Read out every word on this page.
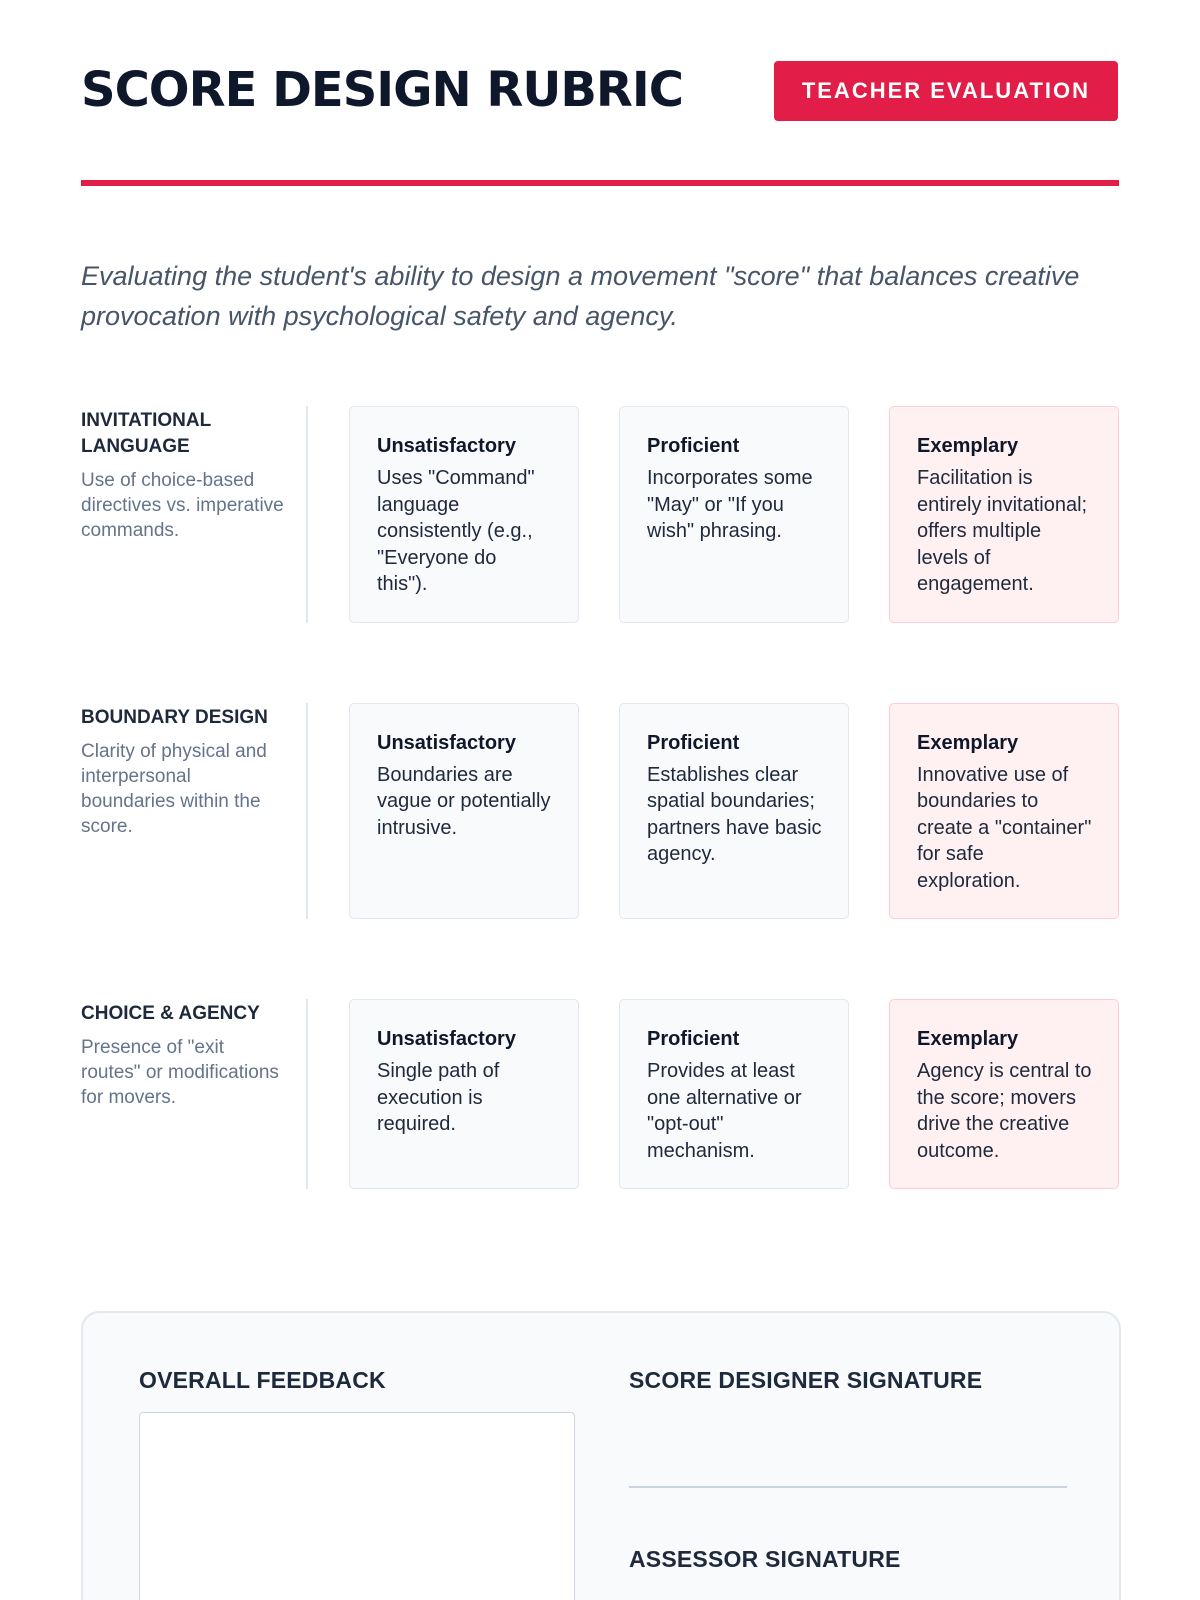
SCORE DESIGN RUBRIC	TEACHER EVALUATION

Evaluating the student's ability to design a movement "score" that balances creative provocation with psychological safety and agency.

INVITATIONAL LANGUAGE
Use of choice-based directives vs. imperative commands.
Unsatisfactory
Uses "Command" language consistently (e.g., "Everyone do this").
Proficient
Incorporates some "May" or "If you wish" phrasing.
Exemplary
Facilitation is entirely invitational; offers multiple levels of engagement.
BOUNDARY DESIGN
Clarity of physical and interpersonal boundaries within the score.
Unsatisfactory
Boundaries are vague or potentially intrusive.
Proficient
Establishes clear spatial boundaries; partners have basic agency.
Exemplary
Innovative use of boundaries to create a "container" for safe exploration.
CHOICE & AGENCY
Presence of "exit routes" or modifications for movers.
Unsatisfactory
Single path of execution is required.
Proficient
Provides at least one alternative or "opt-out" mechanism.
Exemplary
Agency is central to the score; movers drive the creative outcome.
OVERALL FEEDBACK	SCORE DESIGNER SIGNATURE
ASSESSOR SIGNATURE
